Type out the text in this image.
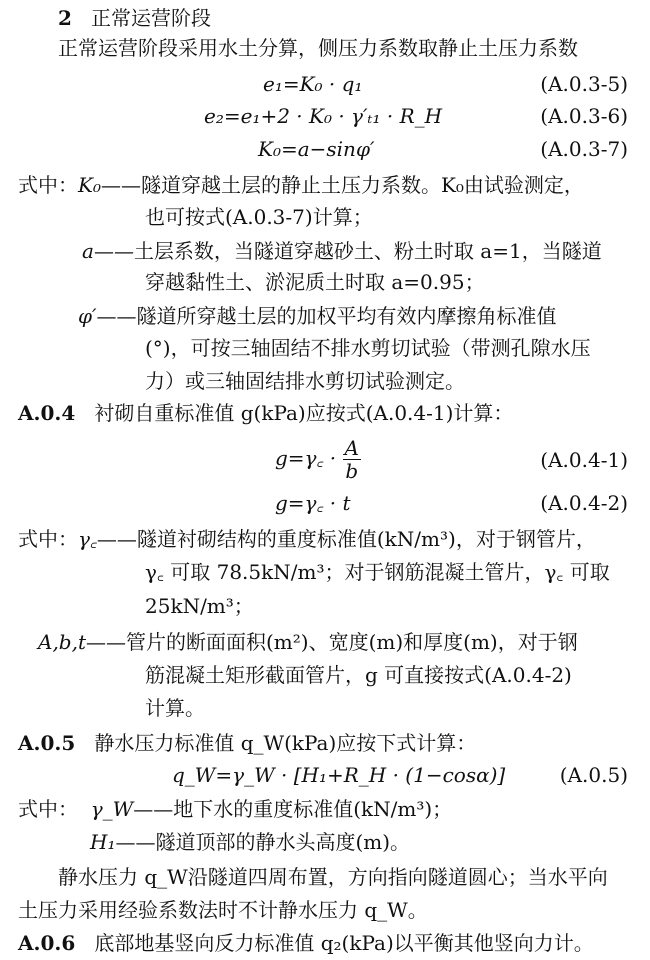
2 正常运营阶段
正常运营阶段采用水土分算，侧压力系数取静止土压力系数
e₁=K₀ · q₁	(A.0.3-5)
e₂=e₁+2 · K₀ · γ′ₜ₁ · R_H	(A.0.3-6)
K₀=a−sinφ′	(A.0.3-7)
式中：K₀——隧道穿越土层的静止土压力系数。K₀由试验测定，
也可按式(A.0.3-7)计算；
a——土层系数，当隧道穿越砂土、粉土时取 a=1，当隧道
穿越黏性土、淤泥质土时取 a=0.95；
φ′——隧道所穿越土层的加权平均有效内摩擦角标准值
(°)，可按三轴固结不排水剪切试验（带测孔隙水压
力）或三轴固结排水剪切试验测定。
A.0.4 衬砌自重标准值 g(kPa)应按式(A.0.4-1)计算：
g=γ꜀ · $\frac{A}{b}$	(A.0.4-1)
g=γ꜀ · t	(A.0.4-2)
式中：γ꜀——隧道衬砌结构的重度标准值(kN/m³)，对于钢管片，
γ꜀ 可取 78.5kN/m³；对于钢筋混凝土管片，γ꜀ 可取
25kN/m³；
A,b,t——管片的断面面积(m²)、宽度(m)和厚度(m)，对于钢
筋混凝土矩形截面管片，g 可直接按式(A.0.4-2)
计算。
A.0.5 静水压力标准值 q_W(kPa)应按下式计算：
q_W=γ_W · [H₁+R_H · (1−cosα)]	(A.0.5)
式中： γ_W——地下水的重度标准值(kN/m³)；
H₁——隧道顶部的静水头高度(m)。
静水压力 q_W沿隧道四周布置，方向指向隧道圆心；当水平向
土压力采用经验系数法时不计静水压力 q_W。
A.0.6 底部地基竖向反力标准值 q₂(kPa)以平衡其他竖向力计。
